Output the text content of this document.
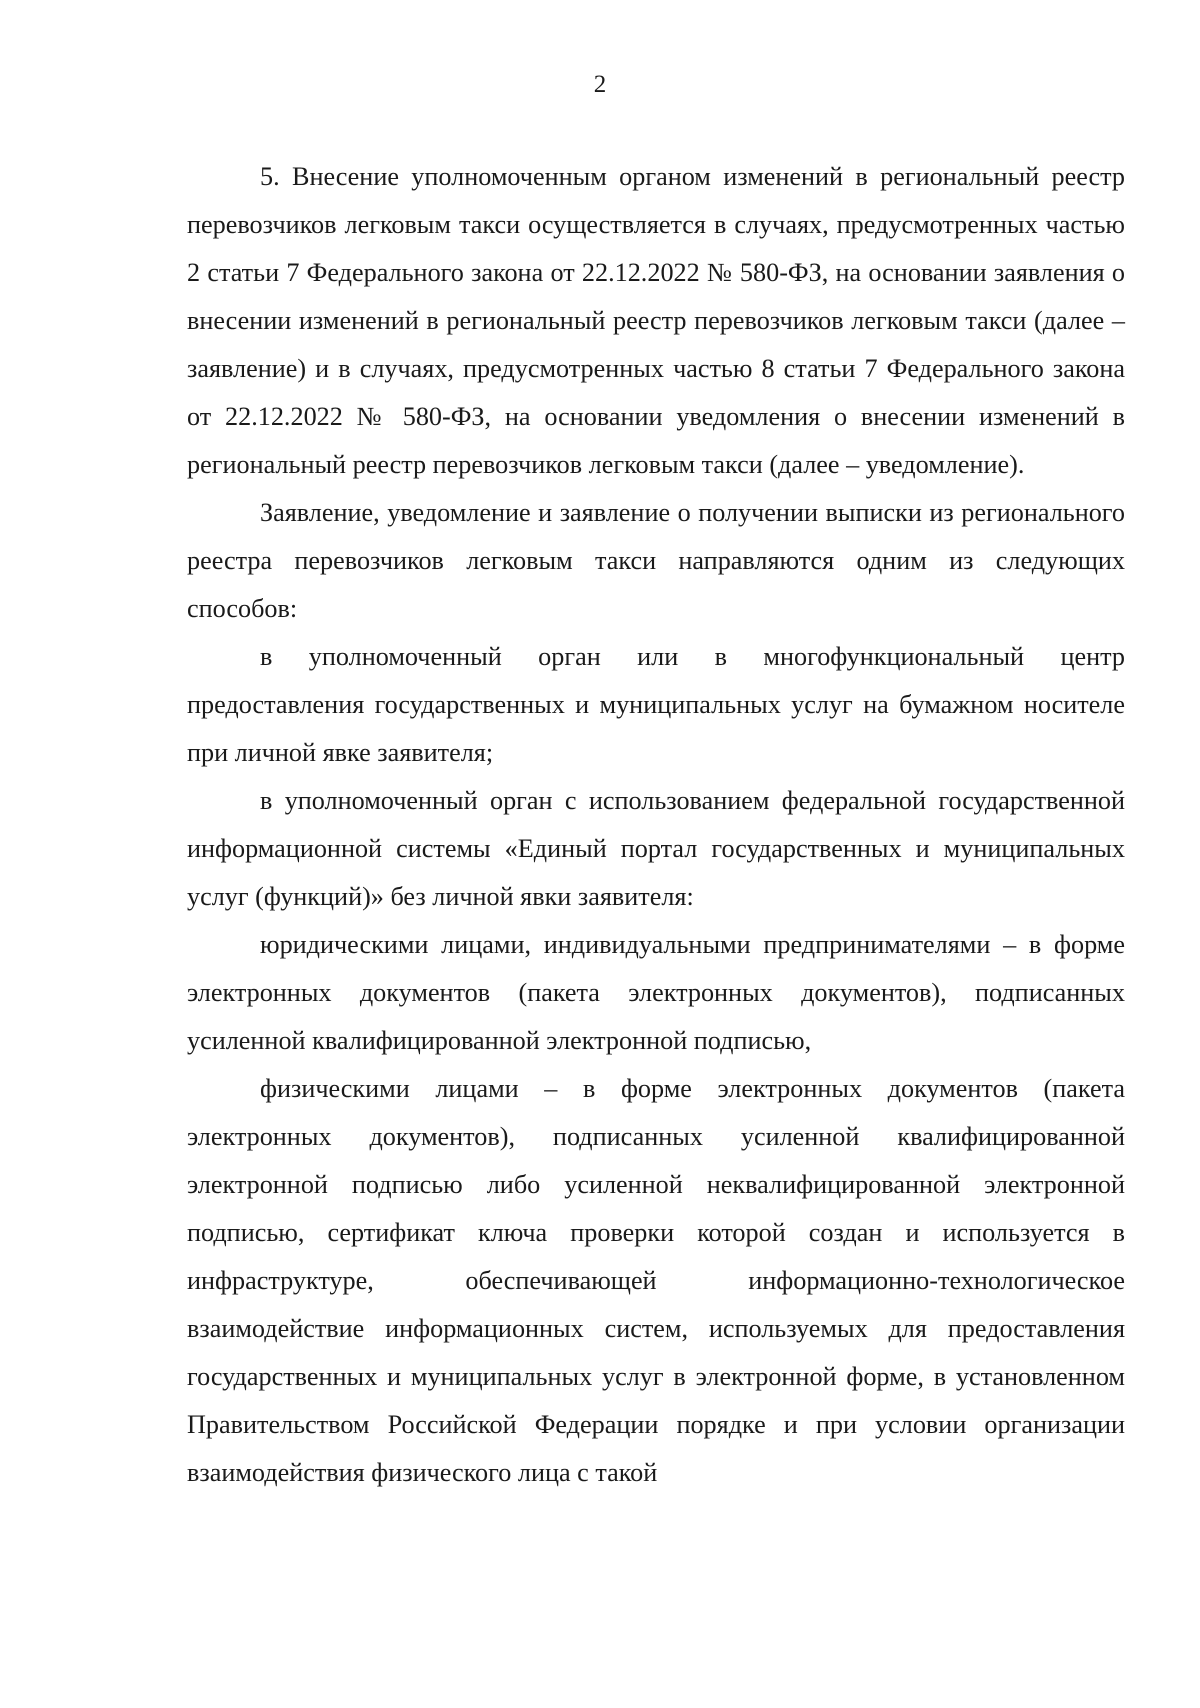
2

5. Внесение уполномоченным органом изменений в региональный реестр перевозчиков легковым такси осуществляется в случаях, предусмотренных частью 2 статьи 7 Федерального закона от 22.12.2022 № 580-ФЗ, на основании заявления о внесении изменений в региональный реестр перевозчиков легковым такси (далее – заявление) и в случаях, предусмотренных частью 8 статьи 7 Федерального закона от 22.12.2022 № 580-ФЗ, на основании уведомления о внесении изменений в региональный реестр перевозчиков легковым такси (далее – уведомление).

Заявление, уведомление и заявление о получении выписки из регионального реестра перевозчиков легковым такси направляются одним из следующих способов:

в уполномоченный орган или в многофункциональный центр предоставления государственных и муниципальных услуг на бумажном носителе при личной явке заявителя;

в уполномоченный орган с использованием федеральной государственной информационной системы «Единый портал государственных и муниципальных услуг (функций)» без личной явки заявителя:

юридическими лицами, индивидуальными предпринимателями – в форме электронных документов (пакета электронных документов), подписанных усиленной квалифицированной электронной подписью,

физическими лицами – в форме электронных документов (пакета электронных документов), подписанных усиленной квалифицированной электронной подписью либо усиленной неквалифицированной электронной подписью, сертификат ключа проверки которой создан и используется в инфраструктуре, обеспечивающей информационно-технологическое взаимодействие информационных систем, используемых для предоставления государственных и муниципальных услуг в электронной форме, в установленном Правительством Российской Федерации порядке и при условии организации взаимодействия физического лица с такой
